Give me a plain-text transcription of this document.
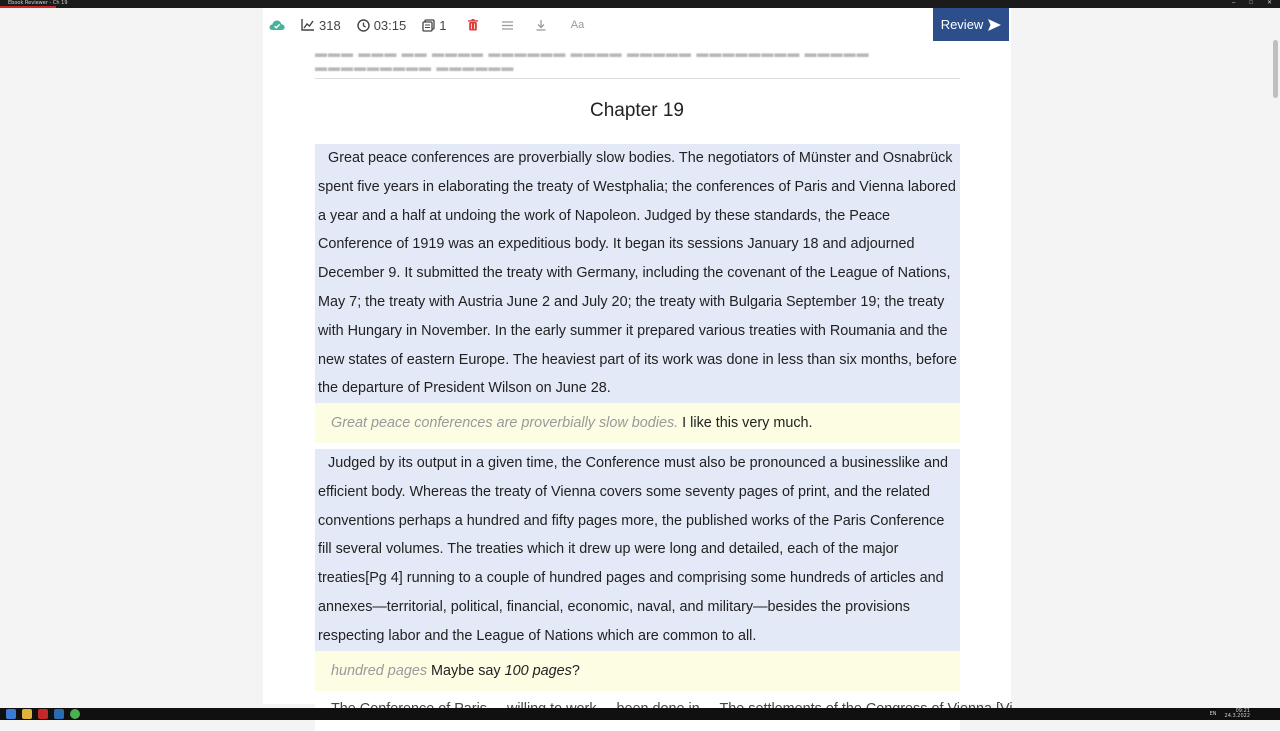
Ebook Reviewer - Ch 19	– □ ✕
318	03:15	1	Aa	Review
▬▬▬ ▬▬▬ ▬▬ ▬▬▬▬ ▬▬▬▬▬▬ ▬▬▬▬ ▬▬▬▬▬ ▬▬▬▬▬▬▬▬ ▬▬▬▬▬ ▬▬▬▬▬▬▬▬▬ ▬▬▬▬▬▬
Chapter 19
Great peace conferences are proverbially slow bodies. The negotiators of Münster and Osnabrück spent five years in elaborating the treaty of Westphalia; the conferences of Paris and Vienna labored a year and a half at undoing the work of Napoleon. Judged by these standards, the Peace Conference of 1919 was an expeditious body. It began its sessions January 18 and adjourned December 9. It submitted the treaty with Germany, including the covenant of the League of Nations, May 7; the treaty with Austria June 2 and July 20; the treaty with Bulgaria September 19; the treaty with Hungary in November. In the early summer it prepared various treaties with Roumania and the new states of eastern Europe. The heaviest part of its work was done in less than six months, before the departure of President Wilson on June 28.
Great peace conferences are proverbially slow bodies. I like this very much.
Judged by its output in a given time, the Conference must also be pronounced a businesslike and efficient body. Whereas the treaty of Vienna covers some seventy pages of print, and the related conventions perhaps a hundred and fifty pages more, the published works of the Paris Conference fill several volumes. The treaties which it drew up were long and detailed, each of the major treaties[Pg 4] running to a couple of hundred pages and comprising some hundreds of articles and annexes—territorial, political, financial, economic, naval, and military—besides the provisions respecting labor and the League of Nations which are common to all.
hundred pages Maybe say 100 pages?
EN	09:21
24.3.2022
